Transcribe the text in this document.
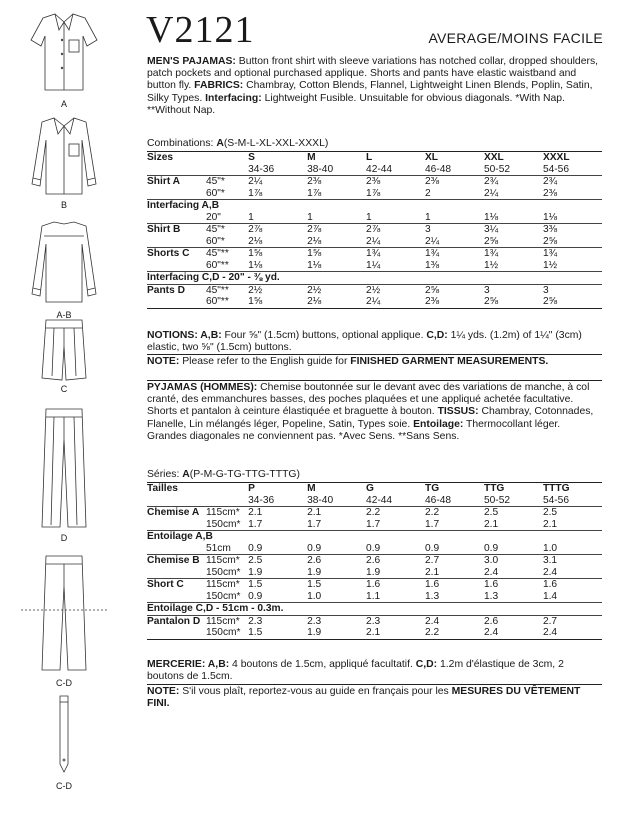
A
B
A-B
C
D
C-D
C-D
V2121	AVERAGE/MOINS FACILE
MEN'S PAJAMAS: Button front shirt with sleeve variations has notched collar, dropped shoulders, patch pockets and optional purchased applique. Shorts and pants have elastic waistband and button fly. FABRICS: Chambray, Cotton Blends, Flannel, Lightweight Linen Blends, Poplin, Satin, Silky Types. Interfacing: Lightweight Fusible. Unsuitable for obvious diagonals. *With Nap. **Without Nap.
Combinations: A(S-M-L-XL-XXL-XXXL)
Sizes		S	M	L	XL	XXL	XXXL
		34-36	38-40	42-44	46-48	50-52	54-56
Shirt A	45"*	2¼	2⅜	2⅜	2⅜	2¾	2¾
	60"*	1⅞	1⅞	1⅞	2	2¼	2⅜
Interfacing A,B							
	20"	1	1	1	1	1⅛	1⅛
Shirt B	45"*	2⅞	2⅞	2⅞	3	3¼	3⅜
	60"*	2⅛	2⅛	2¼	2¼	2⅝	2⅝
Shorts C	45"**	1⅝	1⅝	1¾	1¾	1¾	1¾
	60"**	1⅛	1⅛	1¼	1⅜	1½	1½
Interfacing C,D - 20" - ⅜ yd.							
Pants D	45"**	2½	2½	2½	2⅝	3	3
	60"**	1⅝	2⅛	2¼	2⅜	2⅝	2⅝
NOTIONS: A,B: Four ⅝" (1.5cm) buttons, optional applique. C,D: 1¼ yds. (1.2m) of 1¼" (3cm) elastic, two ⅝" (1.5cm) buttons.
NOTE: Please refer to the English guide for FINISHED GARMENT MEASUREMENTS.
PYJAMAS (HOMMES): Chemise boutonnée sur le devant avec des variations de manche, à col cranté, des emmanchures basses, des poches plaquées et une appliqué achetée facultative. Shorts et pantalon à ceinture élastiquée et braguette à bouton. TISSUS: Chambray, Cotonnades, Flanelle, Lin mélangés léger, Popeline, Satin, Types soie. Entoilage: Thermocollant léger. Grandes diagonales ne conviennent pas. *Avec Sens. **Sans Sens.
Séries: A(P-M-G-TG-TTG-TTTG)
Tailles		P	M	G	TG	TTG	TTTG
		34-36	38-40	42-44	46-48	50-52	54-56
Chemise A	115cm*	2.1	2.1	2.2	2.2	2.5	2.5
	150cm*	1.7	1.7	1.7	1.7	2.1	2.1
Entoilage A,B							
	51cm	0.9	0.9	0.9	0.9	0.9	1.0
Chemise B	115cm*	2.5	2.6	2.6	2.7	3.0	3.1
	150cm*	1.9	1.9	1.9	2.1	2.4	2.4
Short C	115cm*	1.5	1.5	1.6	1.6	1.6	1.6
	150cm*	0.9	1.0	1.1	1.3	1.3	1.4
Entoilage C,D - 51cm - 0.3m.							
Pantalon D	115cm*	2.3	2.3	2.3	2.4	2.6	2.7
	150cm*	1.5	1.9	2.1	2.2	2.4	2.4
MERCERIE: A,B: 4 boutons de 1.5cm, appliqué facultatif. C,D: 1.2m d'élastique de 3cm, 2 boutons de 1.5cm.
NOTE: S'il vous plaît, reportez-vous au guide en français pour les MESURES DU VÊTEMENT FINI.
